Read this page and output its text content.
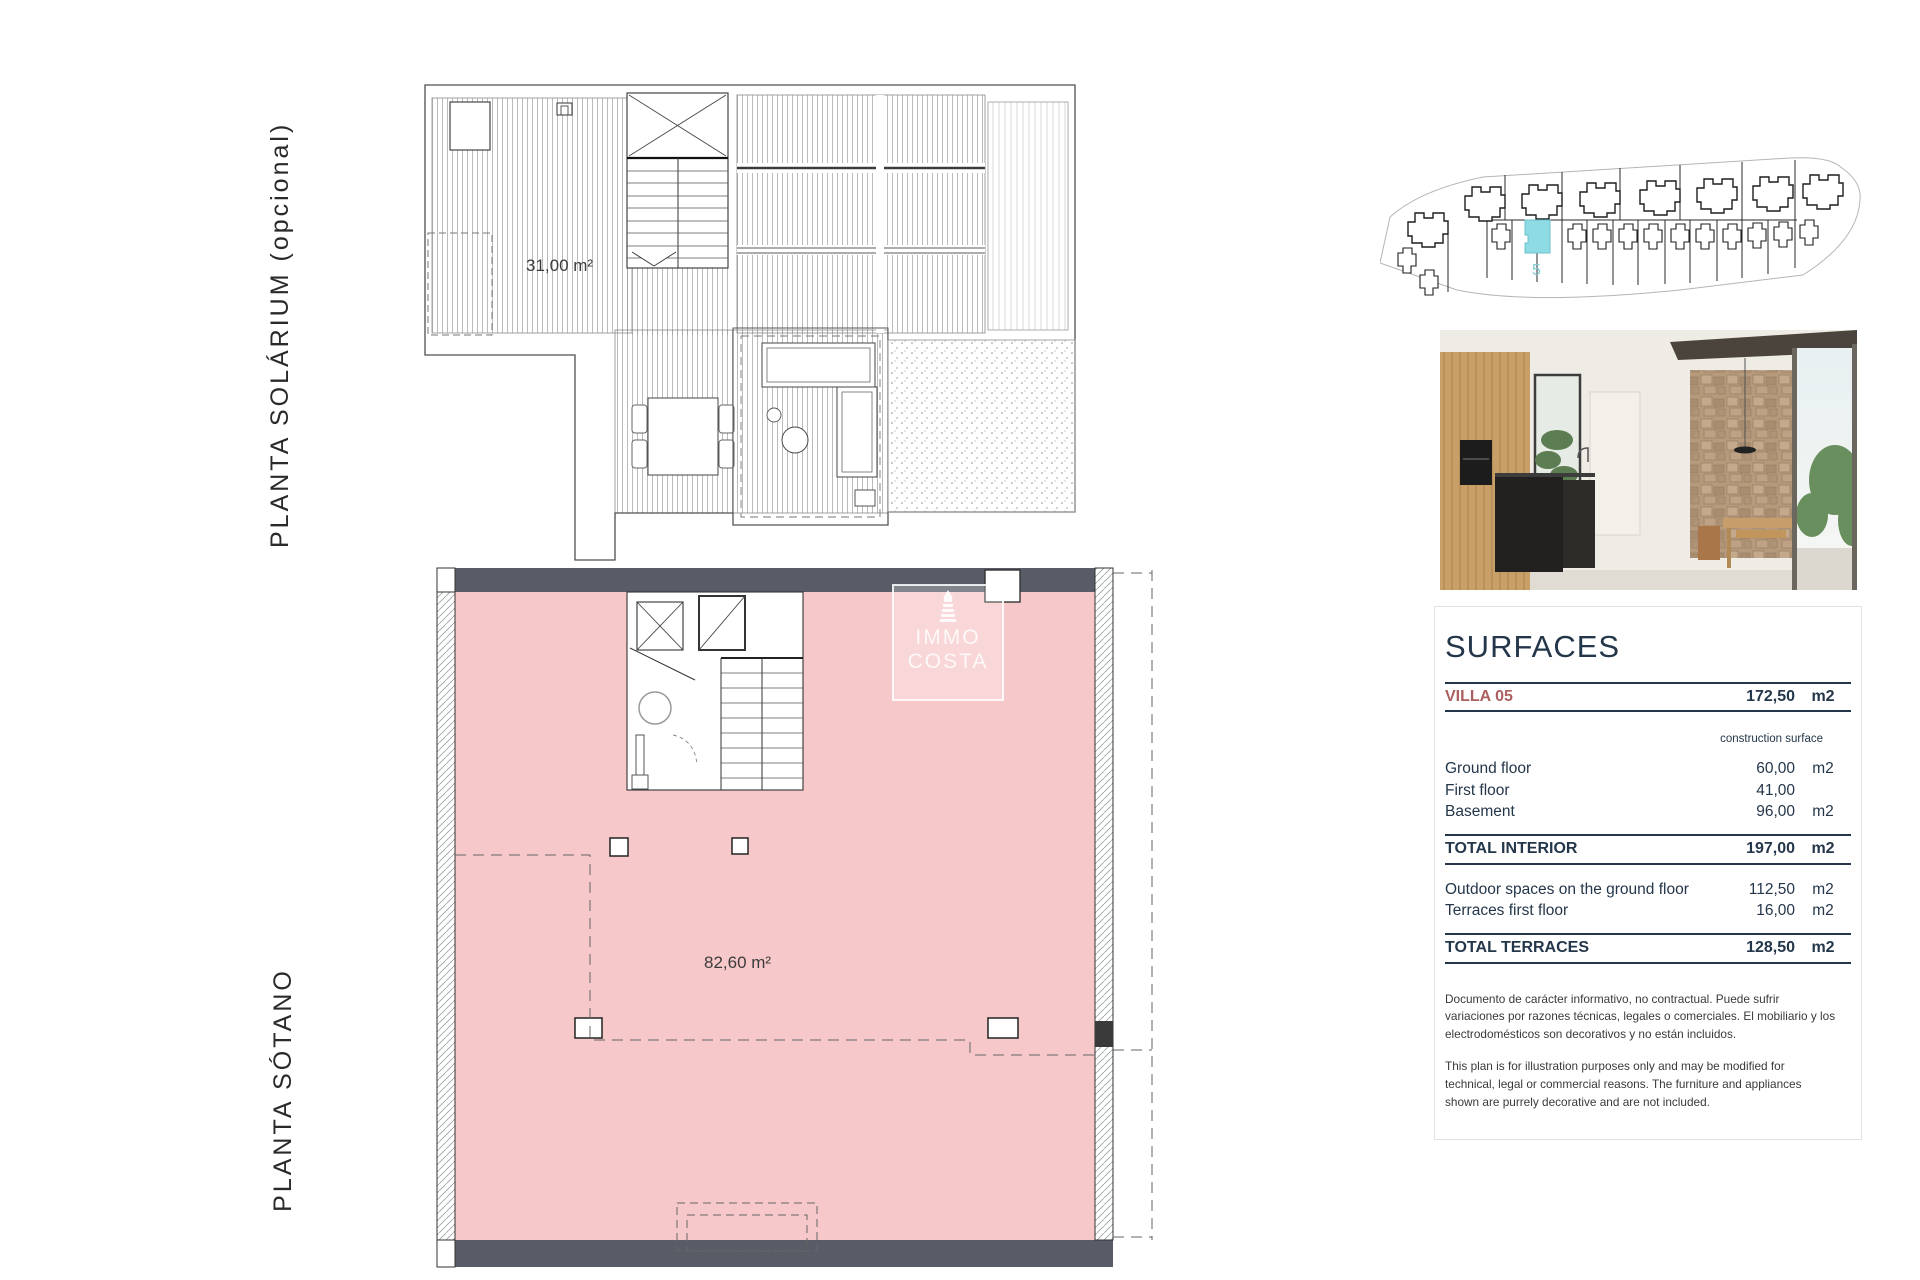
PLANTA SOLÁRIUM (opcional)
PLANTA SÓTANO
31,00 m²
IMMO
COSTA
82,60 m²
5
SURFACES
VILLA 05	172,50	m2
construction surface
Ground floor	60,00	m2
First floor	41,00
Basement	96,00	m2
TOTAL INTERIOR	197,00	m2
Outdoor spaces on the ground floor	112,50	m2
Terraces first floor	16,00	m2
TOTAL TERRACES	128,50	m2

Documento de carácter informativo, no contractual. Puede sufrir variaciones por razones técnicas, legales o comerciales. El mobiliario y los electrodomésticos son decorativos y no están incluidos.

This plan is for illustration purposes only and may be modified for technical, legal or commercial reasons. The furniture and appliances shown are purrely decorative and are not included.
